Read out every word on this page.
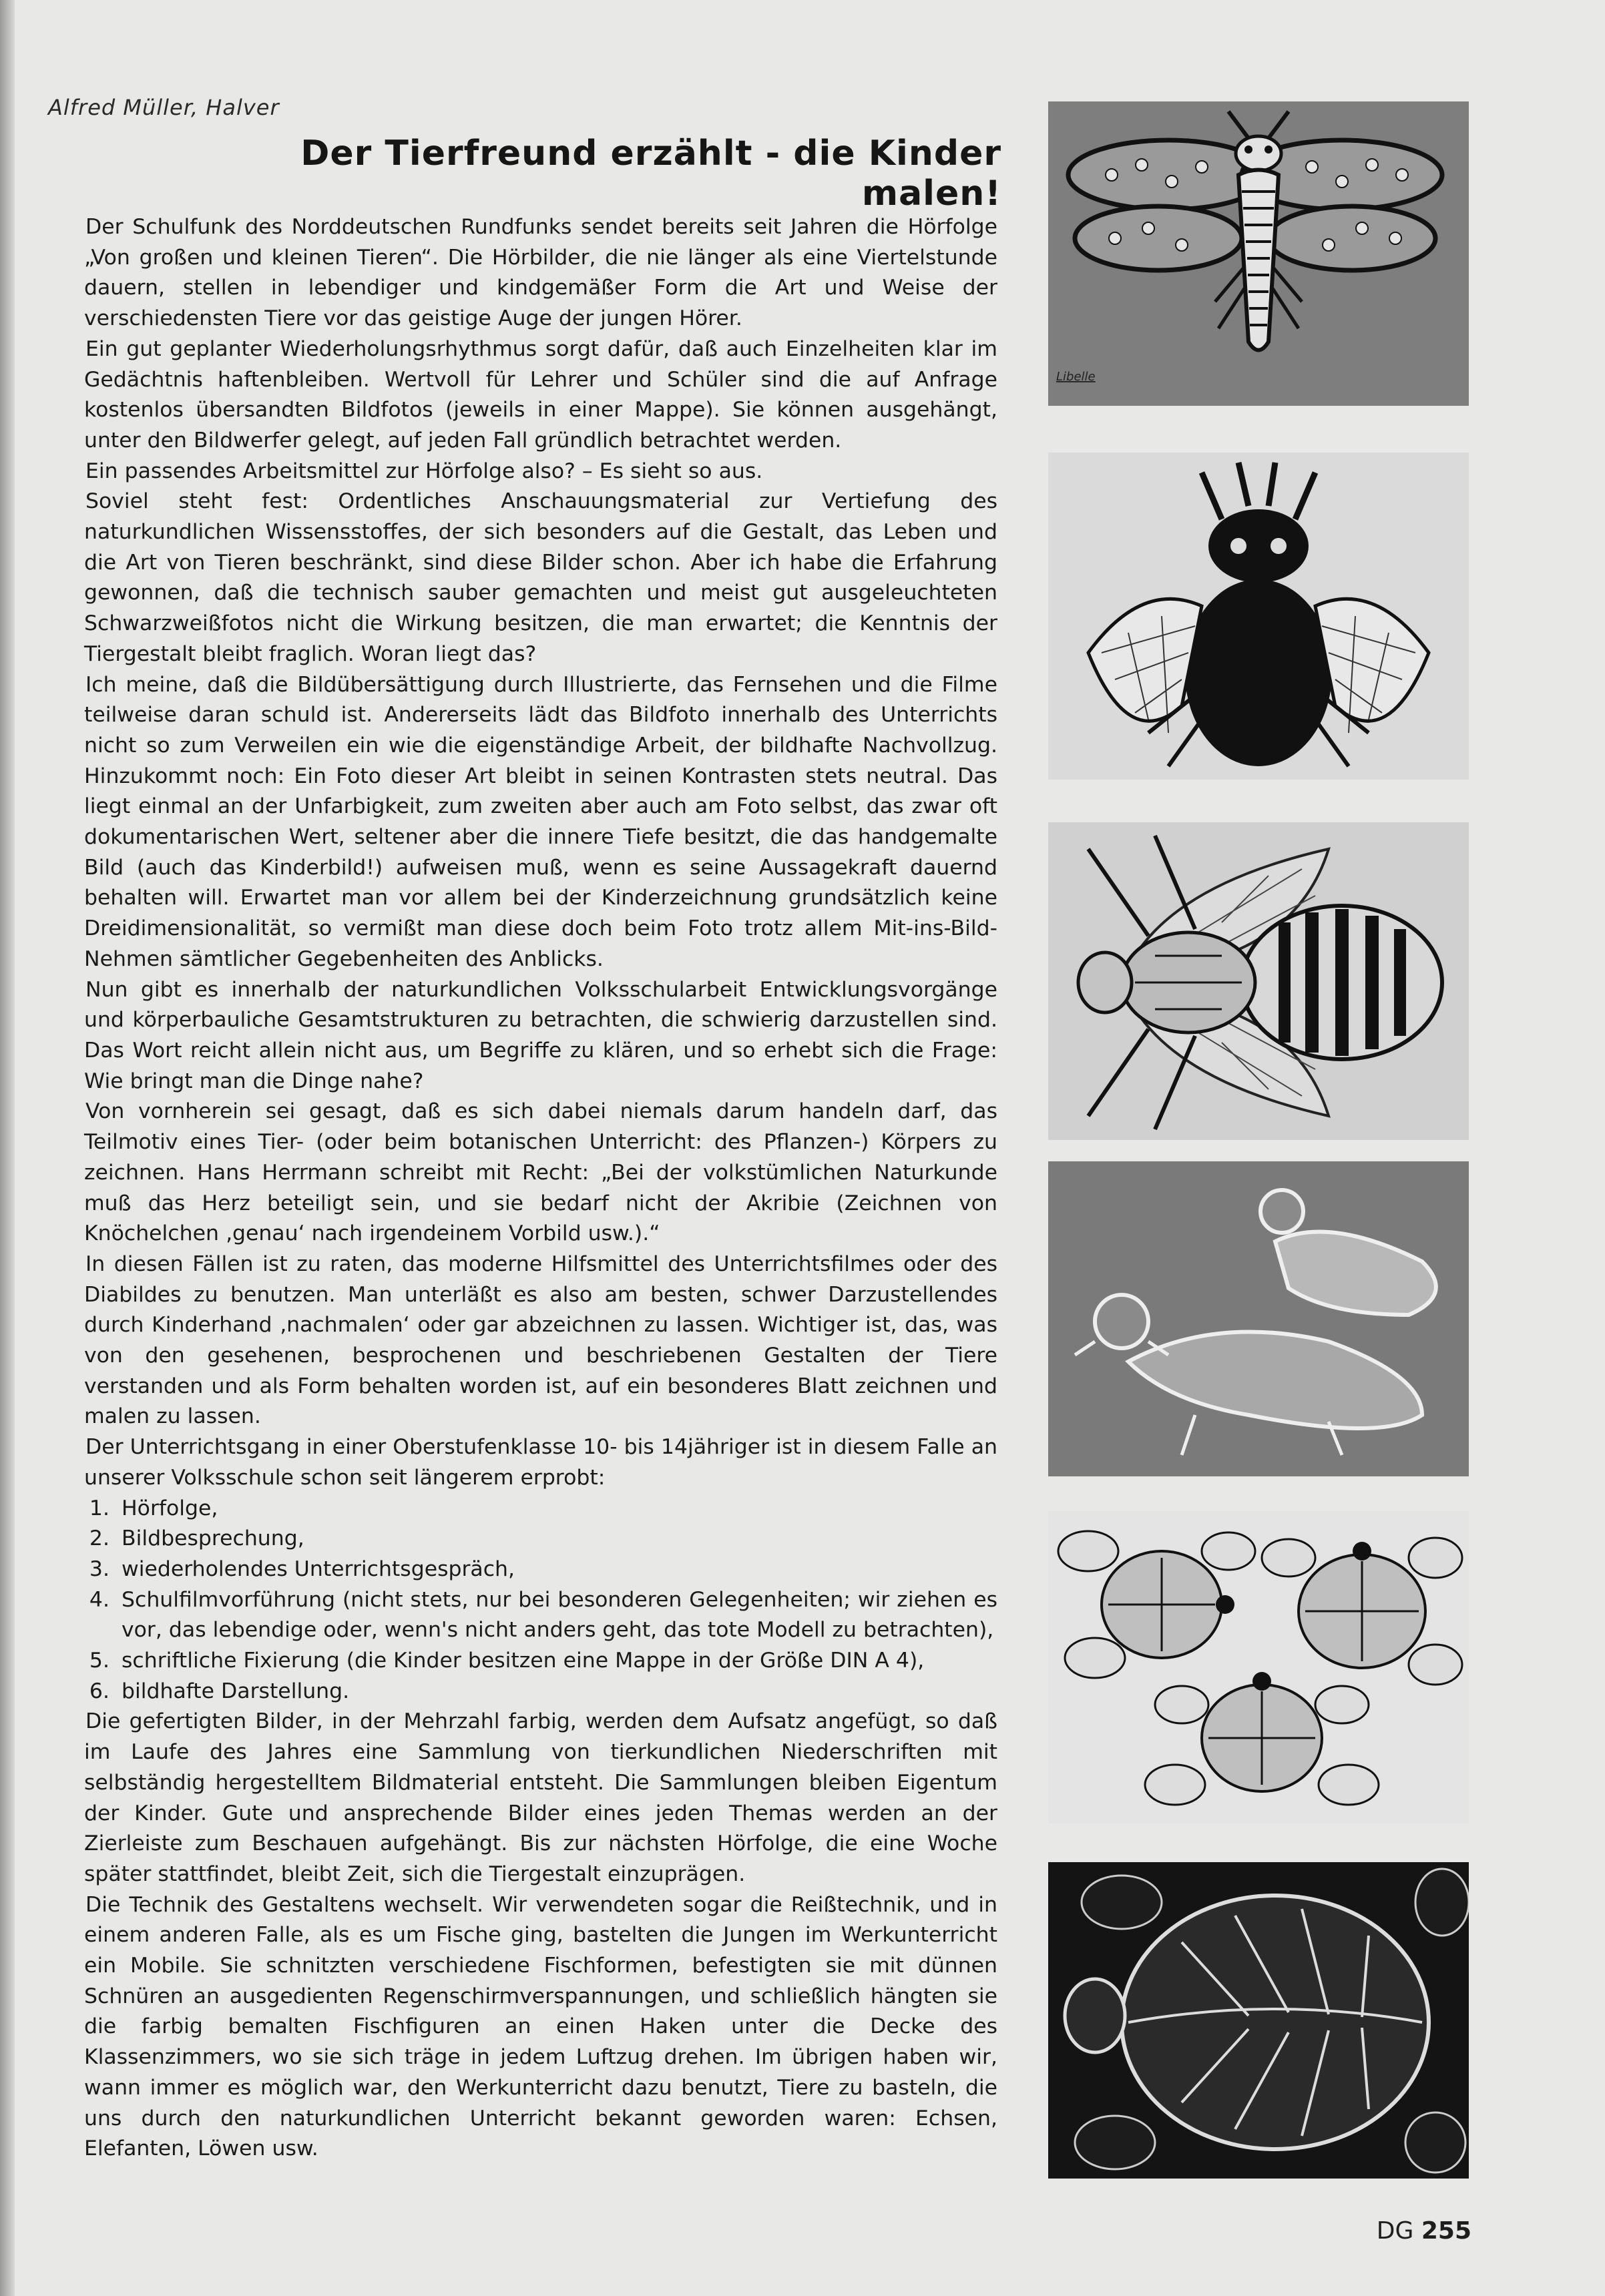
Alfred Müller, Halver
Der Tierfreund erzählt - die Kinder malen!

Der Schulfunk des Norddeutschen Rundfunks sendet bereits seit Jahren die Hörfolge „Von großen und kleinen Tieren“. Die Hörbilder, die nie länger als eine Viertelstunde dauern, stellen in lebendiger und kindgemäßer Form die Art und Weise der verschiedensten Tiere vor das geistige Auge der jungen Hörer.

Ein gut geplanter Wiederholungsrhythmus sorgt dafür, daß auch Einzelheiten klar im Gedächtnis haftenbleiben. Wertvoll für Lehrer und Schüler sind die auf Anfrage kostenlos übersandten Bildfotos (jeweils in einer Mappe). Sie können ausgehängt, unter den Bildwerfer gelegt, auf jeden Fall gründlich betrachtet werden.

Ein passendes Arbeitsmittel zur Hörfolge also? – Es sieht so aus.

Soviel steht fest: Ordentliches Anschauungsmaterial zur Vertiefung des naturkundlichen Wissensstoffes, der sich besonders auf die Gestalt, das Leben und die Art von Tieren beschränkt, sind diese Bilder schon. Aber ich habe die Erfahrung gewonnen, daß die technisch sauber gemachten und meist gut ausgeleuchteten Schwarzweißfotos nicht die Wirkung besitzen, die man erwartet; die Kenntnis der Tiergestalt bleibt fraglich. Woran liegt das?

Ich meine, daß die Bildübersättigung durch Illustrierte, das Fernsehen und die Filme teilweise daran schuld ist. Andererseits lädt das Bildfoto innerhalb des Unterrichts nicht so zum Verweilen ein wie die eigenständige Arbeit, der bildhafte Nachvollzug. Hinzukommt noch: Ein Foto dieser Art bleibt in seinen Kontrasten stets neutral. Das liegt einmal an der Unfarbigkeit, zum zweiten aber auch am Foto selbst, das zwar oft dokumentarischen Wert, seltener aber die innere Tiefe besitzt, die das handgemalte Bild (auch das Kinderbild!) aufweisen muß, wenn es seine Aussagekraft dauernd behalten will. Erwartet man vor allem bei der Kinderzeichnung grundsätzlich keine Dreidimensionalität, so vermißt man diese doch beim Foto trotz allem Mit-ins-Bild-Nehmen sämtlicher Gegebenheiten des Anblicks.

Nun gibt es innerhalb der naturkundlichen Volksschularbeit Entwicklungsvorgänge und körperbauliche Gesamtstrukturen zu betrachten, die schwierig darzustellen sind. Das Wort reicht allein nicht aus, um Begriffe zu klären, und so erhebt sich die Frage: Wie bringt man die Dinge nahe?

Von vornherein sei gesagt, daß es sich dabei niemals darum handeln darf, das Teilmotiv eines Tier- (oder beim botanischen Unterricht: des Pflanzen-) Körpers zu zeichnen. Hans Herrmann schreibt mit Recht: „Bei der volkstümlichen Naturkunde muß das Herz beteiligt sein, und sie bedarf nicht der Akribie (Zeichnen von Knöchelchen ‚genau‘ nach irgendeinem Vorbild usw.).“

In diesen Fällen ist zu raten, das moderne Hilfsmittel des Unterrichtsfilmes oder des Diabildes zu benutzen. Man unterläßt es also am besten, schwer Darzustellendes durch Kinderhand ‚nachmalen‘ oder gar abzeichnen zu lassen. Wichtiger ist, das, was von den gesehenen, besprochenen und beschriebenen Gestalten der Tiere verstanden und als Form behalten worden ist, auf ein besonderes Blatt zeichnen und malen zu lassen.

Der Unterrichtsgang in einer Oberstufenklasse 10- bis 14jähriger ist in diesem Falle an unserer Volksschule schon seit längerem erprobt:

1. Hörfolge,
2. Bildbesprechung,
3. wiederholendes Unterrichtsgespräch,
4. Schulfilmvorführung (nicht stets, nur bei besonderen Gelegenheiten; wir ziehen es vor, das lebendige oder, wenn's nicht anders geht, das tote Modell zu betrachten),
5. schriftliche Fixierung (die Kinder besitzen eine Mappe in der Größe DIN A 4),
6. bildhafte Darstellung.

Die gefertigten Bilder, in der Mehrzahl farbig, werden dem Aufsatz angefügt, so daß im Laufe des Jahres eine Sammlung von tierkundlichen Niederschriften mit selbständig hergestelltem Bildmaterial entsteht. Die Sammlungen bleiben Eigentum der Kinder. Gute und ansprechende Bilder eines jeden Themas werden an der Zierleiste zum Beschauen aufgehängt. Bis zur nächsten Hörfolge, die eine Woche später stattfindet, bleibt Zeit, sich die Tiergestalt einzuprägen.

Die Technik des Gestaltens wechselt. Wir verwendeten sogar die Reißtechnik, und in einem anderen Falle, als es um Fische ging, bastelten die Jungen im Werkunterricht ein Mobile. Sie schnitzten verschiedene Fischformen, befestigten sie mit dünnen Schnüren an ausgedienten Regenschirmverspannungen, und schließlich hängten sie die farbig bemalten Fischfiguren an einen Haken unter die Decke des Klassenzimmers, wo sie sich träge in jedem Luftzug drehen. Im übrigen haben wir, wann immer es möglich war, den Werkunterricht dazu benutzt, Tiere zu basteln, die uns durch den naturkundlichen Unterricht bekannt geworden waren: Echsen, Elefanten, Löwen usw.

Libelle
DG 255
